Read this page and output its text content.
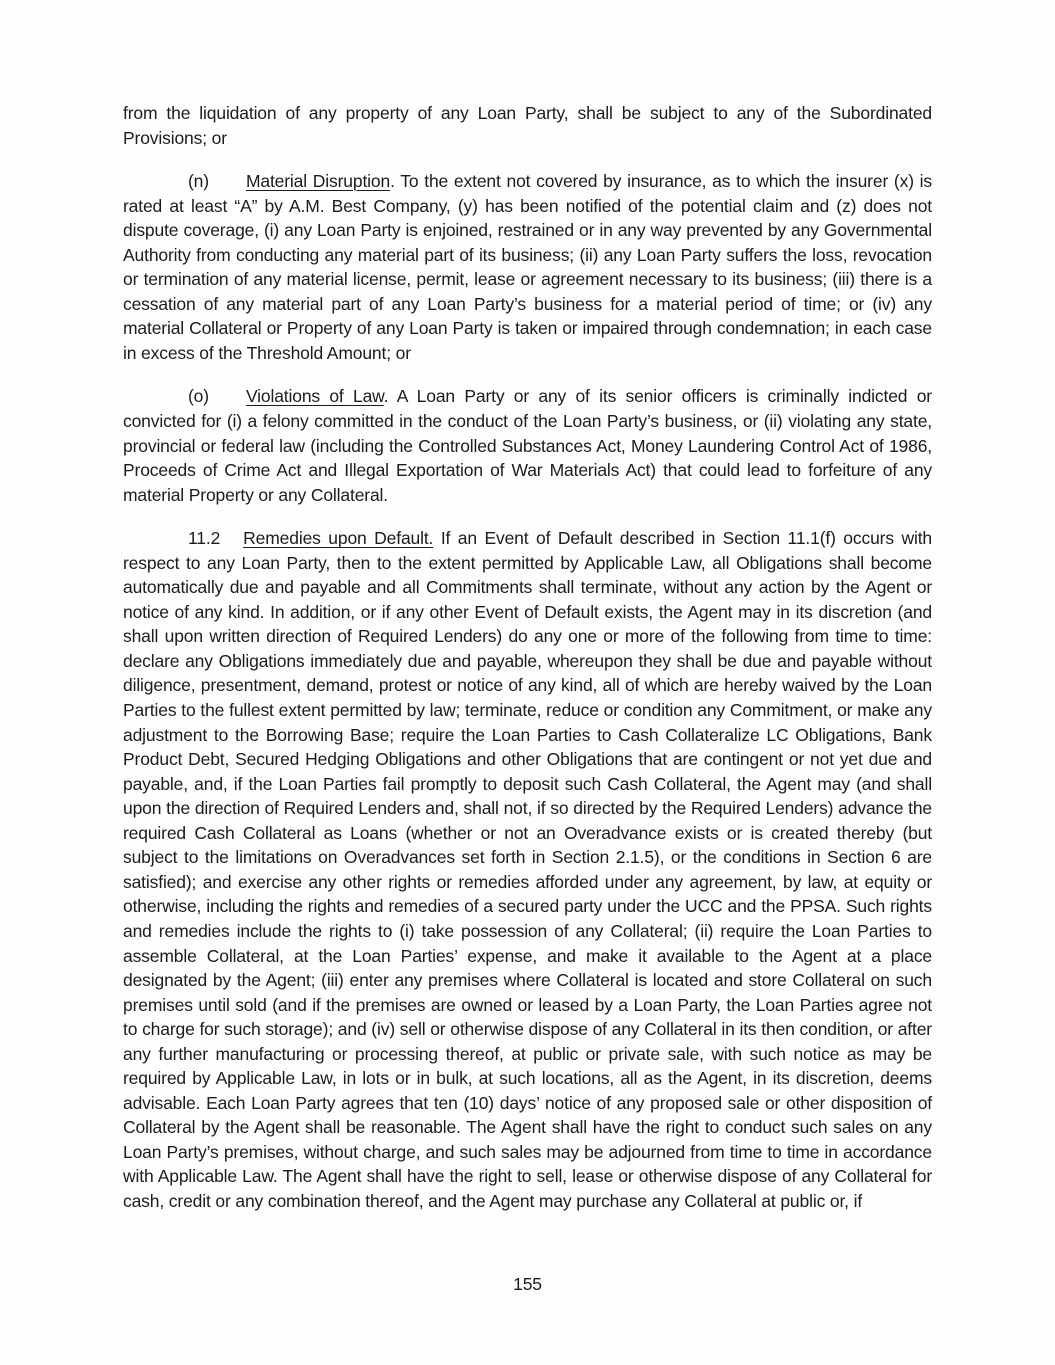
from the liquidation of any property of any Loan Party, shall be subject to any of the Subordinated Provisions; or

(n) Material Disruption. To the extent not covered by insurance, as to which the insurer (x) is rated at least “A” by A.M. Best Company, (y) has been notified of the potential claim and (z) does not dispute coverage, (i) any Loan Party is enjoined, restrained or in any way prevented by any Governmental Authority from conducting any material part of its business; (ii) any Loan Party suffers the loss, revocation or termination of any material license, permit, lease or agreement necessary to its business; (iii) there is a cessation of any material part of any Loan Party’s business for a material period of time; or (iv) any material Collateral or Property of any Loan Party is taken or impaired through condemnation; in each case in excess of the Threshold Amount; or

(o) Violations of Law. A Loan Party or any of its senior officers is criminally indicted or convicted for (i) a felony committed in the conduct of the Loan Party’s business, or (ii) violating any state, provincial or federal law (including the Controlled Substances Act, Money Laundering Control Act of 1986, Proceeds of Crime Act and Illegal Exportation of War Materials Act) that could lead to forfeiture of any material Property or any Collateral.

11.2 Remedies upon Default. If an Event of Default described in Section 11.1(f) occurs with respect to any Loan Party, then to the extent permitted by Applicable Law, all Obligations shall become automatically due and payable and all Commitments shall terminate, without any action by the Agent or notice of any kind. In addition, or if any other Event of Default exists, the Agent may in its discretion (and shall upon written direction of Required Lenders) do any one or more of the following from time to time: declare any Obligations immediately due and payable, whereupon they shall be due and payable without diligence, presentment, demand, protest or notice of any kind, all of which are hereby waived by the Loan Parties to the fullest extent permitted by law; terminate, reduce or condition any Commitment, or make any adjustment to the Borrowing Base; require the Loan Parties to Cash Collateralize LC Obligations, Bank Product Debt, Secured Hedging Obligations and other Obligations that are contingent or not yet due and payable, and, if the Loan Parties fail promptly to deposit such Cash Collateral, the Agent may (and shall upon the direction of Required Lenders and, shall not, if so directed by the Required Lenders) advance the required Cash Collateral as Loans (whether or not an Overadvance exists or is created thereby (but subject to the limitations on Overadvances set forth in Section 2.1.5), or the conditions in Section 6 are satisfied); and exercise any other rights or remedies afforded under any agreement, by law, at equity or otherwise, including the rights and remedies of a secured party under the UCC and the PPSA. Such rights and remedies include the rights to (i) take possession of any Collateral; (ii) require the Loan Parties to assemble Collateral, at the Loan Parties’ expense, and make it available to the Agent at a place designated by the Agent; (iii) enter any premises where Collateral is located and store Collateral on such premises until sold (and if the premises are owned or leased by a Loan Party, the Loan Parties agree not to charge for such storage); and (iv) sell or otherwise dispose of any Collateral in its then condition, or after any further manufacturing or processing thereof, at public or private sale, with such notice as may be required by Applicable Law, in lots or in bulk, at such locations, all as the Agent, in its discretion, deems advisable. Each Loan Party agrees that ten (10) days’ notice of any proposed sale or other disposition of Collateral by the Agent shall be reasonable. The Agent shall have the right to conduct such sales on any Loan Party’s premises, without charge, and such sales may be adjourned from time to time in accordance with Applicable Law. The Agent shall have the right to sell, lease or otherwise dispose of any Collateral for cash, credit or any combination thereof, and the Agent may purchase any Collateral at public or, if

155
